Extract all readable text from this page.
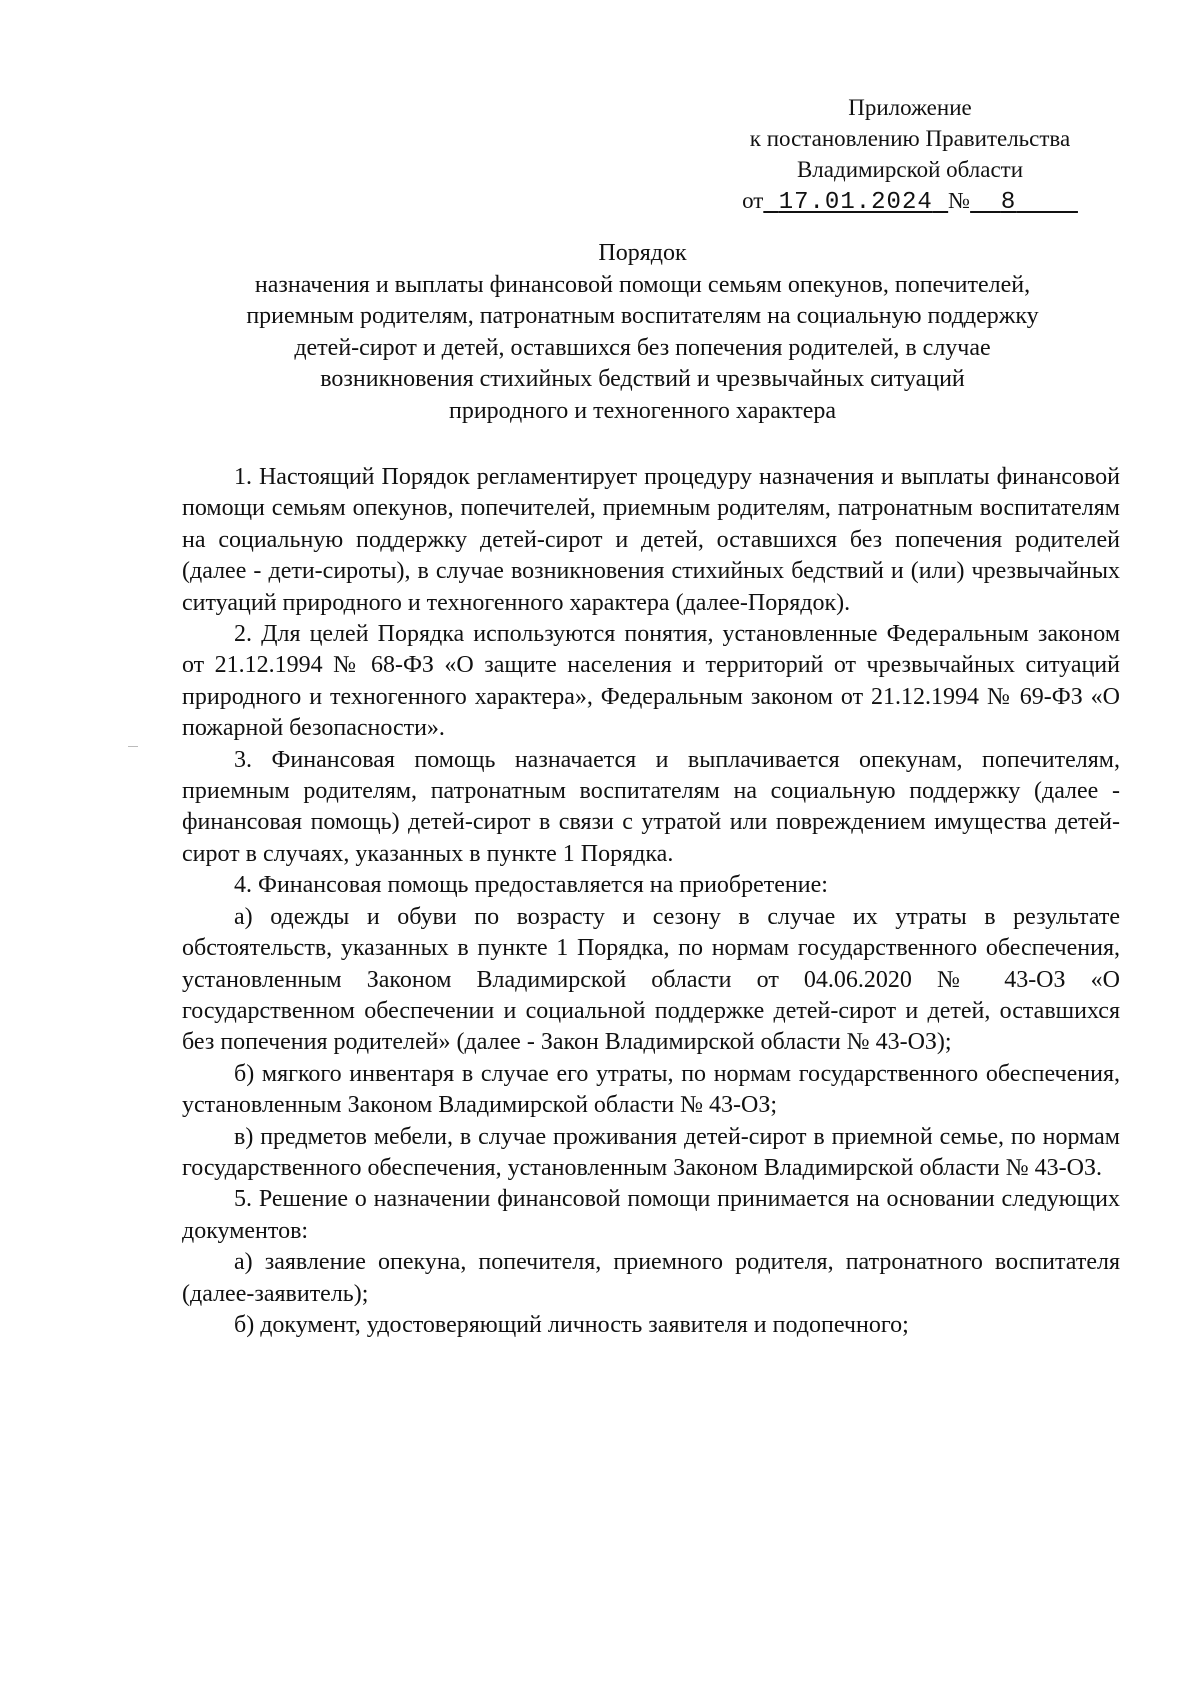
Приложение
к постановлению Правительства
Владимирской области
от 17.01.2024 № 8
Порядок
назначения и выплаты финансовой помощи семьям опекунов, попечителей,
приемным родителям, патронатным воспитателям на социальную поддержку
детей-сирот и детей, оставшихся без попечения родителей, в случае
возникновения стихийных бедствий и чрезвычайных ситуаций
природного и техногенного характера

1. Настоящий Порядок регламентирует процедуру назначения и выплаты финансовой помощи семьям опекунов, попечителей, приемным родителям, патронатным воспитателям на социальную поддержку детей-сирот и детей, оставшихся без попечения родителей (далее - дети-сироты), в случае возникновения стихийных бедствий и (или) чрезвычайных ситуаций природного и техногенного характера (далее-Порядок).

2. Для целей Порядка используются понятия, установленные Федеральным законом от 21.12.1994 № 68-ФЗ «О защите населения и территорий от чрезвычайных ситуаций природного и техногенного характера», Федеральным законом от 21.12.1994 № 69-ФЗ «О пожарной безопасности».

3. Финансовая помощь назначается и выплачивается опекунам, попечителям, приемным родителям, патронатным воспитателям на социальную поддержку (далее - финансовая помощь) детей-сирот в связи с утратой или повреждением имущества детей-сирот в случаях, указанных в пункте 1 Порядка.

4. Финансовая помощь предоставляется на приобретение:

а) одежды и обуви по возрасту и сезону в случае их утраты в результате обстоятельств, указанных в пункте 1 Порядка, по нормам государственного обеспечения, установленным Законом Владимирской области от 04.06.2020 № 43-ОЗ «О государственном обеспечении и социальной поддержке детей-сирот и детей, оставшихся без попечения родителей» (далее - Закон Владимирской области № 43-ОЗ);

б) мягкого инвентаря в случае его утраты, по нормам государственного обеспечения, установленным Законом Владимирской области № 43-ОЗ;

в) предметов мебели, в случае проживания детей-сирот в приемной семье, по нормам государственного обеспечения, установленным Законом Владимирской области № 43-ОЗ.

5. Решение о назначении финансовой помощи принимается на основании следующих документов:

а) заявление опекуна, попечителя, приемного родителя, патронатного воспитателя (далее-заявитель);

б) документ, удостоверяющий личность заявителя и подопечного;
